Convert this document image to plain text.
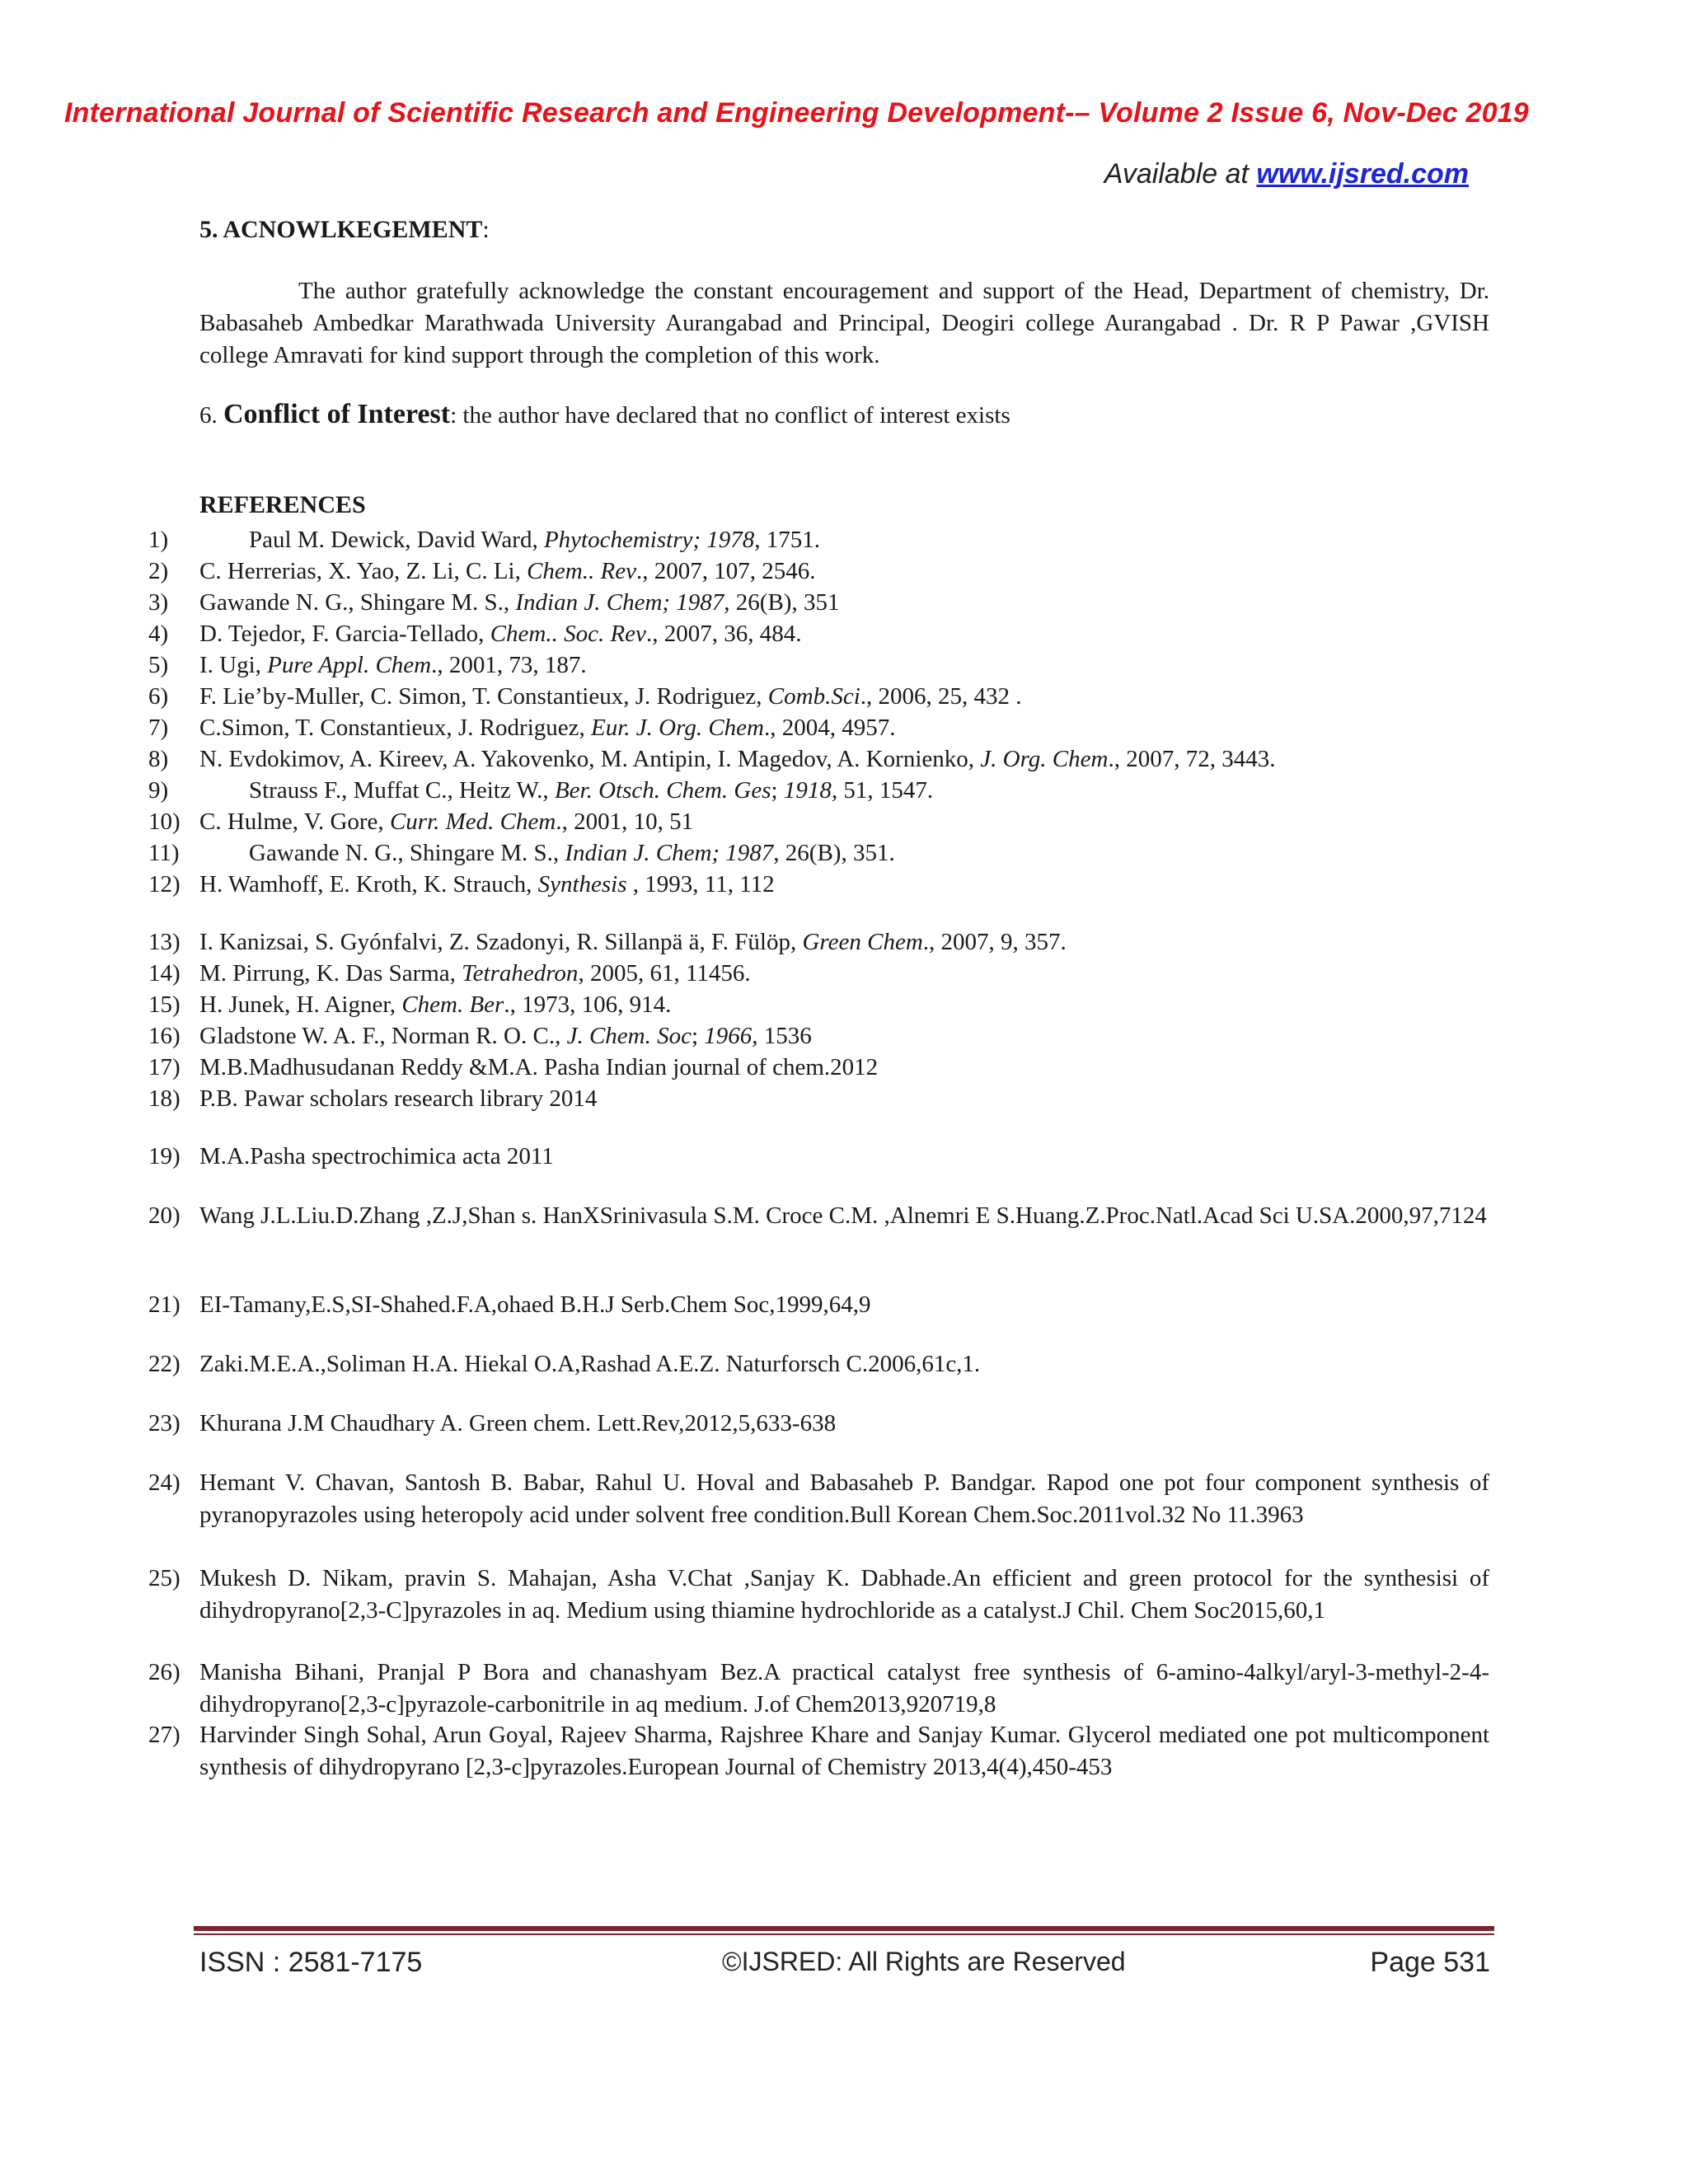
International Journal of Scientific Research and Engineering Development-– Volume 2 Issue 6, Nov-Dec 2019
Available at www.ijsred.com
5. ACNOWLKEGEMENT:
The author gratefully acknowledge the constant encouragement and support of the Head, Department of chemistry, Dr. Babasaheb Ambedkar Marathwada University Aurangabad and Principal, Deogiri college Aurangabad . Dr. R P Pawar ,GVISH college Amravati for kind support through the completion of this work.
6. Conflict of Interest: the author have declared that no conflict of interest exists
REFERENCES
1)	Paul M. Dewick, David Ward, Phytochemistry; 1978, 1751.
2)	C. Herrerias, X. Yao, Z. Li, C. Li, Chem.. Rev., 2007, 107, 2546.
3)	Gawande N. G., Shingare M. S., Indian J. Chem; 1987, 26(B), 351
4)	D. Tejedor, F. Garcia-Tellado, Chem.. Soc. Rev., 2007, 36, 484.
5)	I. Ugi, Pure Appl. Chem., 2001, 73, 187.
6)	F. Lie’by-Muller, C. Simon, T. Constantieux, J. Rodriguez, Comb.Sci., 2006, 25, 432 .
7)	C.Simon, T. Constantieux, J. Rodriguez, Eur. J. Org. Chem., 2004, 4957.
8)	N. Evdokimov, A. Kireev, A. Yakovenko, M. Antipin, I. Magedov, A. Kornienko, J. Org. Chem., 2007, 72, 3443.
9)	Strauss F., Muffat C., Heitz W., Ber. Otsch. Chem. Ges; 1918, 51, 1547.
10) C. Hulme, V. Gore, Curr. Med. Chem., 2001, 10, 51
11)	Gawande N. G., Shingare M. S., Indian J. Chem; 1987, 26(B), 351.
12) H. Wamhoff, E. Kroth, K. Strauch, Synthesis , 1993, 11, 112
13) I. Kanizsai, S. Gyónfalvi, Z. Szadonyi, R. Sillanpä ä, F. Fülöp, Green Chem., 2007, 9, 357.
14) M. Pirrung, K. Das Sarma, Tetrahedron, 2005, 61, 11456.
15) H. Junek, H. Aigner, Chem. Ber., 1973, 106, 914.
16) Gladstone W. A. F., Norman R. O. C., J. Chem. Soc; 1966, 1536
17) M.B.Madhusudanan Reddy &M.A. Pasha Indian journal of chem.2012
18) P.B. Pawar scholars research library 2014
19) M.A.Pasha spectrochimica acta 2011
20) Wang J.L.Liu.D.Zhang ,Z.J,Shan s. HanXSrinivasula S.M. Croce C.M. ,Alnemri E S.Huang.Z.Proc.Natl.Acad Sci U.SA.2000,97,7124
21) EI-Tamany,E.S,SI-Shahed.F.A,ohaed B.H.J Serb.Chem Soc,1999,64,9
22) Zaki.M.E.A.,Soliman H.A. Hiekal O.A,Rashad A.E.Z. Naturforsch C.2006,61c,1.
23) Khurana J.M Chaudhary A. Green chem. Lett.Rev,2012,5,633-638
24) Hemant V. Chavan, Santosh B. Babar, Rahul U. Hoval and Babasaheb P. Bandgar. Rapod one pot four component synthesis of pyranopyrazoles using heteropoly acid under solvent free condition.Bull Korean Chem.Soc.2011vol.32 No 11.3963
25) Mukesh D. Nikam, pravin S. Mahajan, Asha V.Chat ,Sanjay K. Dabhade.An efficient and green protocol for the synthesisi of dihydropyrano[2,3-C]pyrazoles in aq. Medium using thiamine hydrochloride as a catalyst.J Chil. Chem Soc2015,60,1
26) Manisha Bihani, Pranjal P Bora and chanashyam Bez.A practical catalyst free synthesis of 6-amino-4alkyl/aryl-3-methyl-2-4-dihydropyrano[2,3-c]pyrazole-carbonitrile in aq medium. J.of Chem2013,920719,8
27) Harvinder Singh Sohal, Arun Goyal, Rajeev Sharma, Rajshree Khare and Sanjay Kumar. Glycerol mediated one pot multicomponent synthesis of dihydropyrano [2,3-c]pyrazoles.European Journal of Chemistry 2013,4(4),450-453
ISSN : 2581-7175	©IJSRED: All Rights are Reserved	Page 531
